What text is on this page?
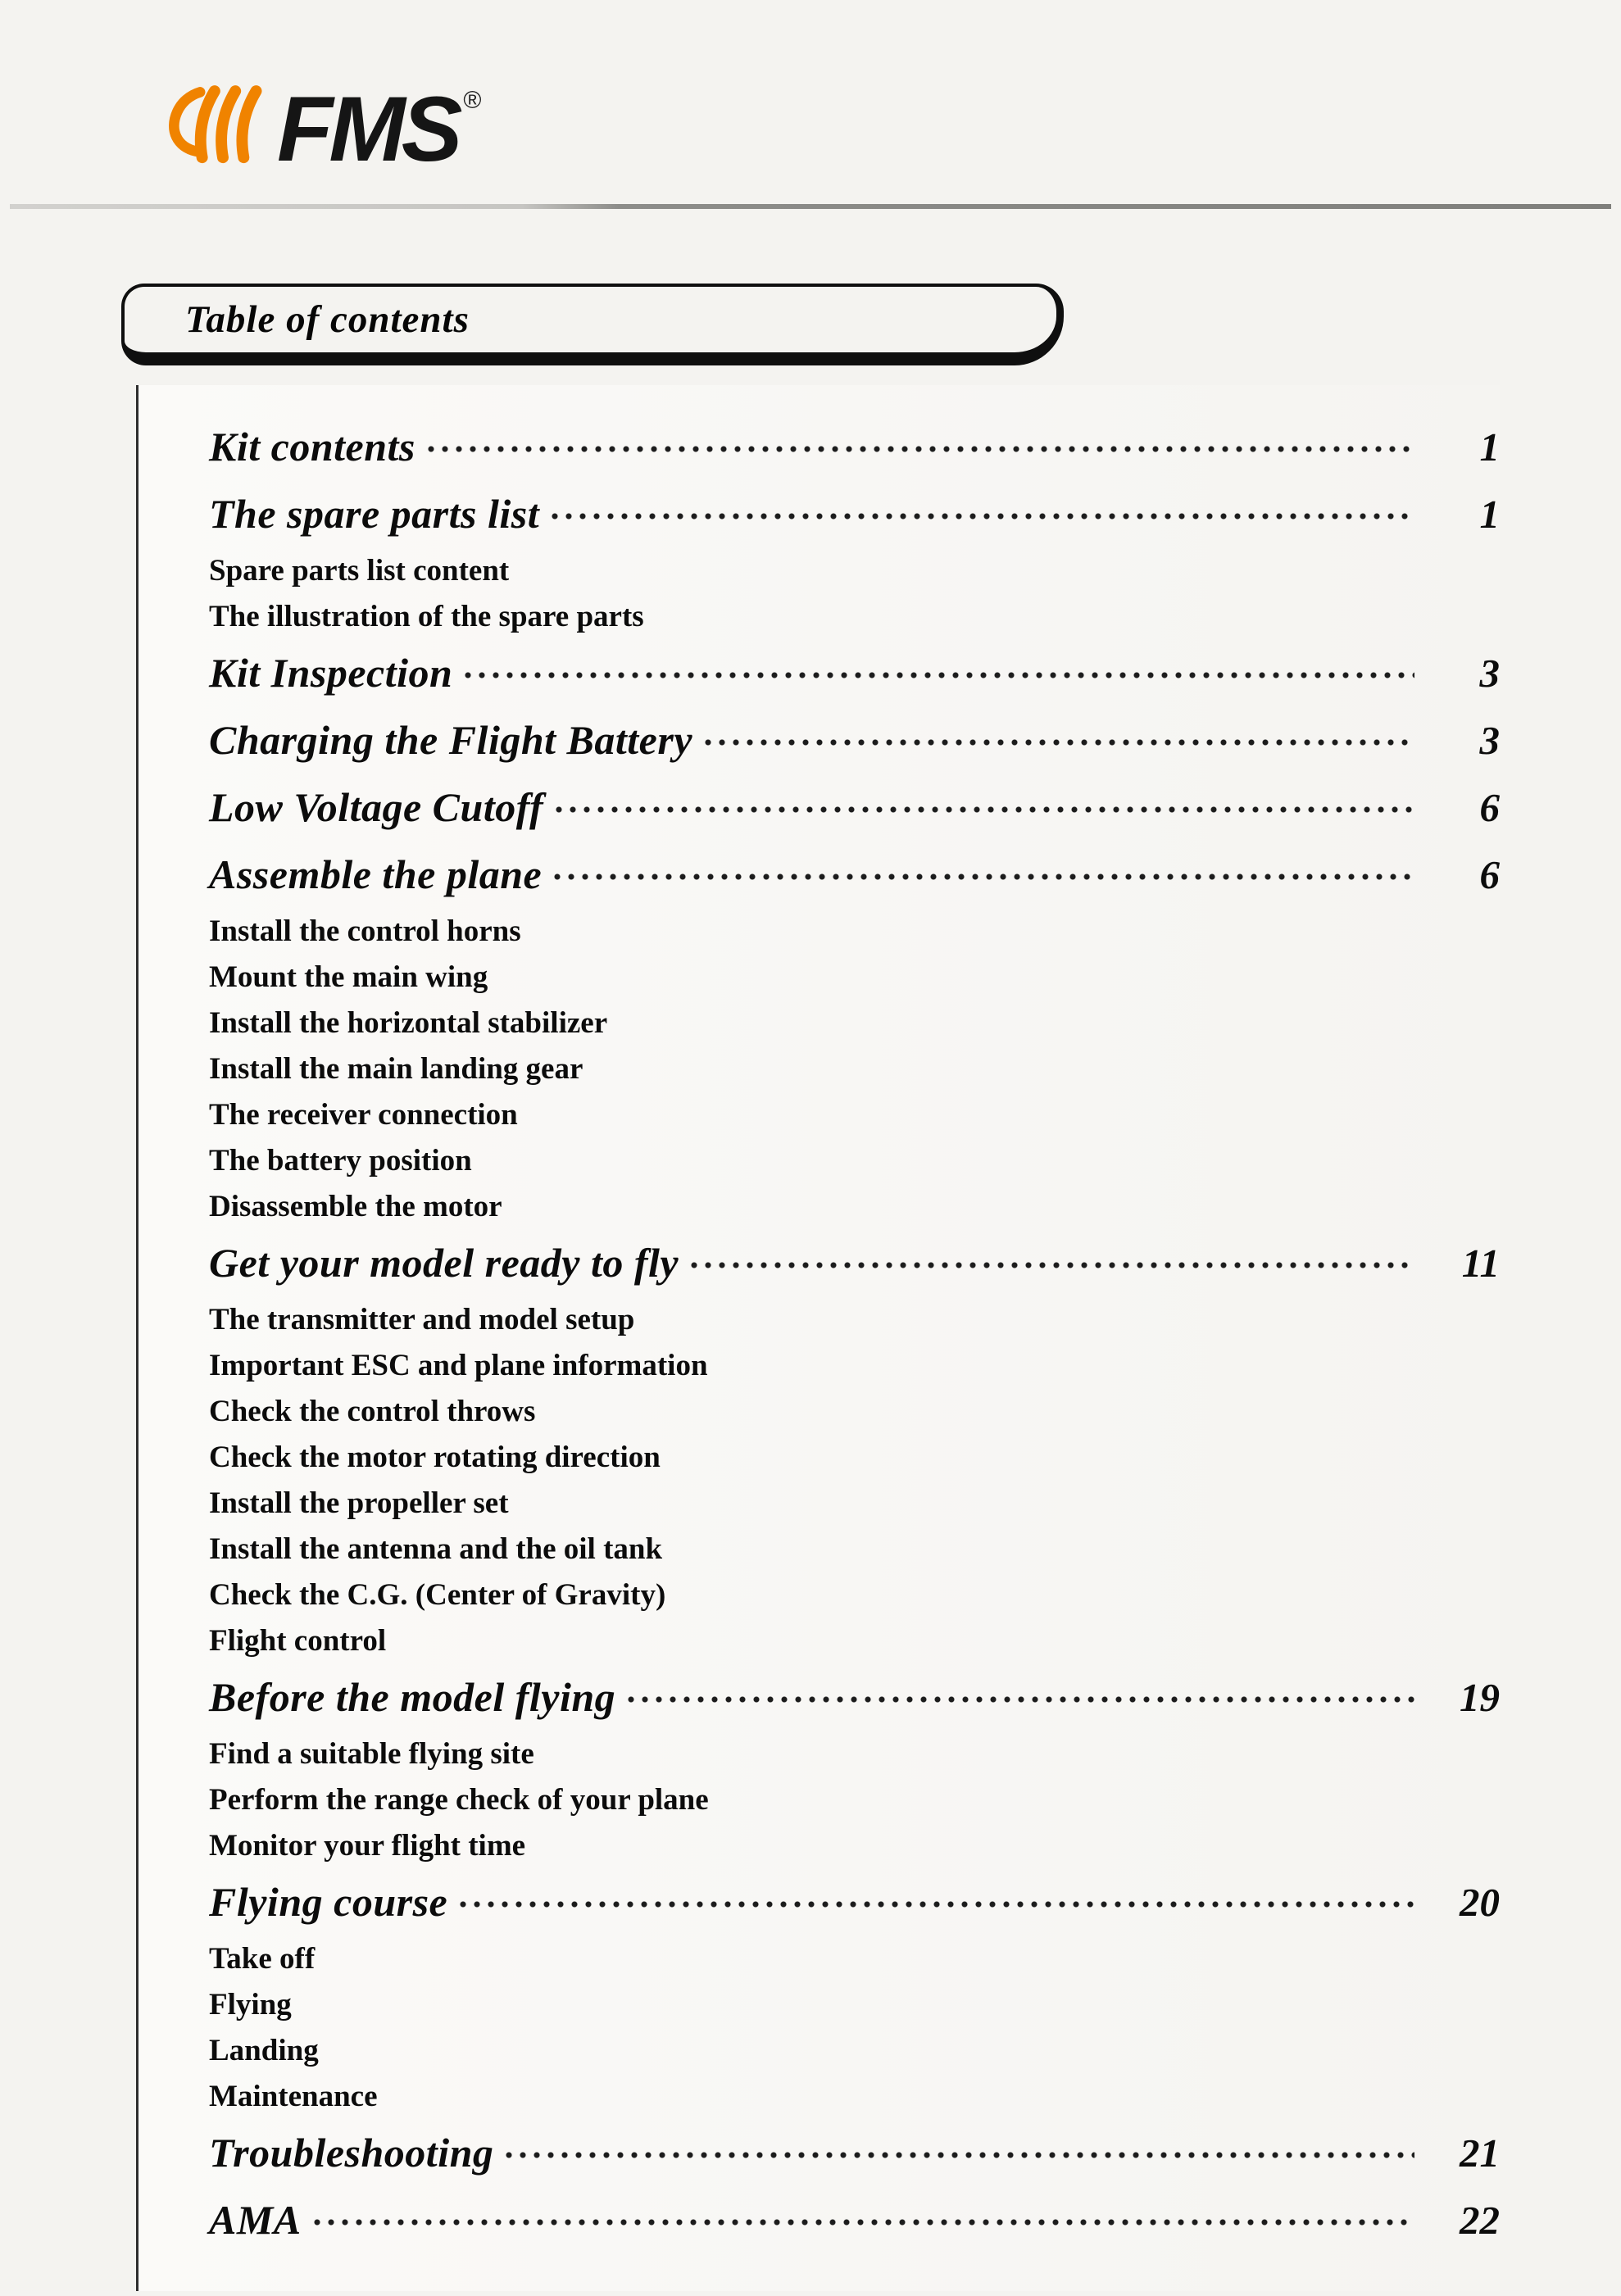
FMS ®
Table of contents
Kit contents	1
The spare parts list	1
Spare parts list content
The illustration of the spare parts
Kit Inspection	3
Charging the Flight Battery	3
Low Voltage Cutoff	6
Assemble the plane	6
Install the control horns
Mount the main wing
Install the horizontal stabilizer
Install the main landing gear
The receiver connection
The battery position
Disassemble the motor
Get your model ready to fly	11
The transmitter and model setup
Important ESC and plane information
Check the control throws
Check the motor rotating direction
Install the propeller set
Install the antenna and the oil tank
Check the C.G. (Center of Gravity)
Flight control
Before the model flying	19
Find a suitable flying site
Perform the range check of your plane
Monitor your flight time
Flying course	20
Take off
Flying
Landing
Maintenance
Troubleshooting	21
AMA	22
